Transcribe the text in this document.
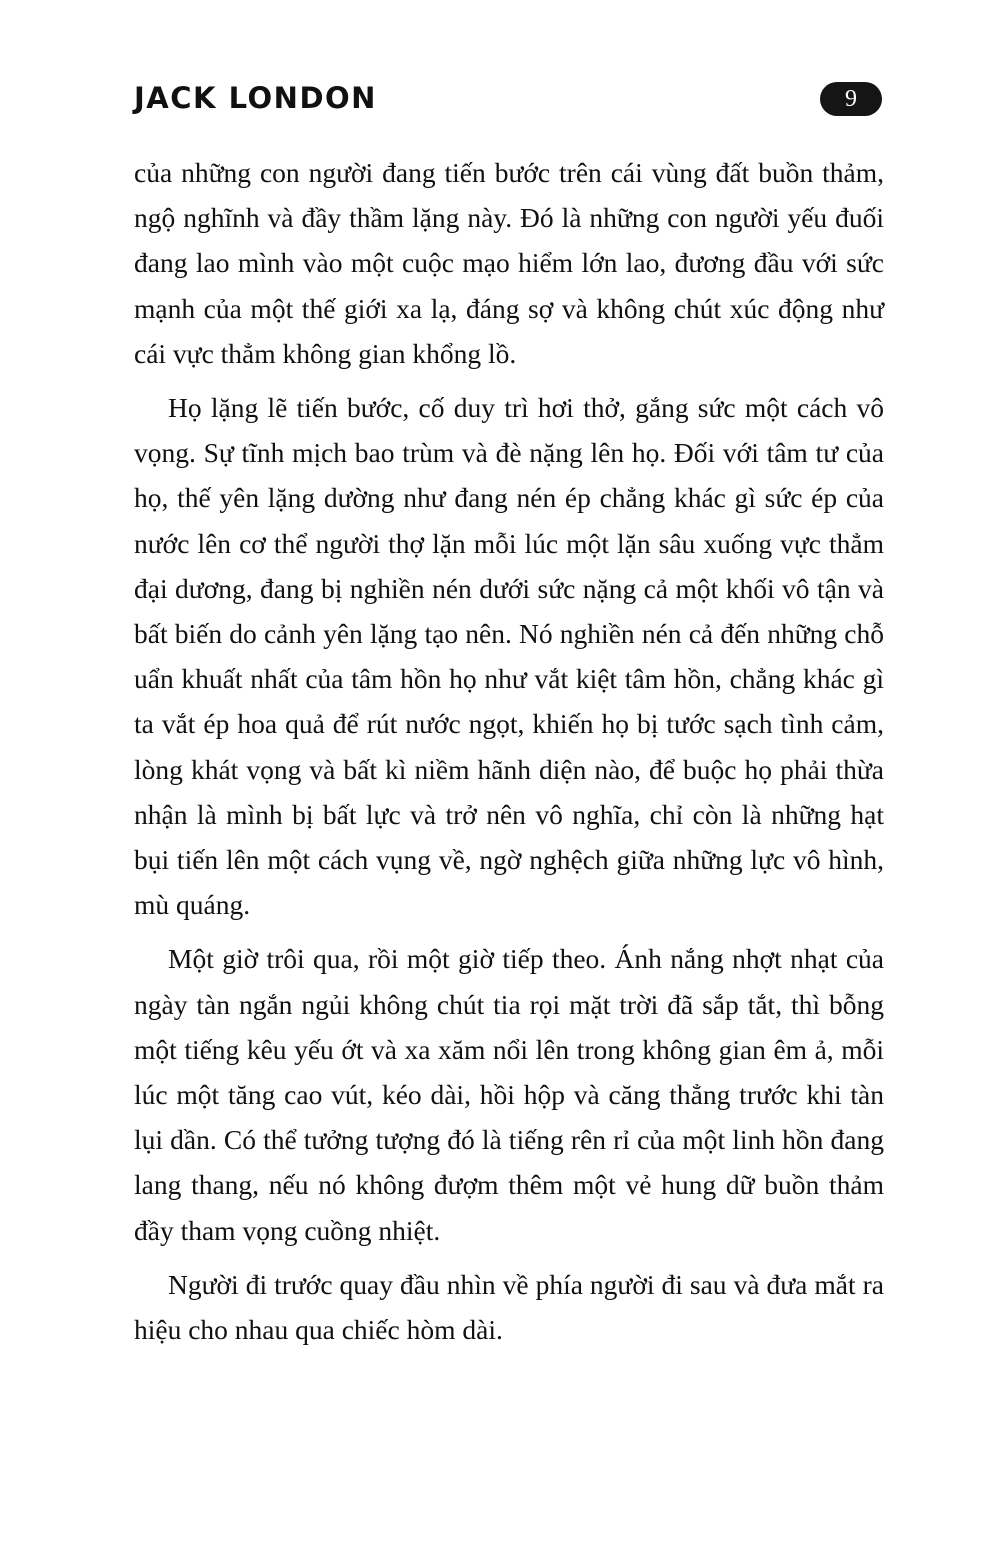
JACK LONDON	9

của những con người đang tiến bước trên cái vùng đất buồn thảm, ngộ nghĩnh và đầy thầm lặng này. Đó là những con người yếu đuối đang lao mình vào một cuộc mạo hiểm lớn lao, đương đầu với sức mạnh của một thế giới xa lạ, đáng sợ và không chút xúc động như cái vực thẳm không gian khổng lồ.

Họ lặng lẽ tiến bước, cố duy trì hơi thở, gắng sức một cách vô vọng. Sự tĩnh mịch bao trùm và đè nặng lên họ. Đối với tâm tư của họ, thế yên lặng dường như đang nén ép chẳng khác gì sức ép của nước lên cơ thể người thợ lặn mỗi lúc một lặn sâu xuống vực thẳm đại dương, đang bị nghiền nén dưới sức nặng cả một khối vô tận và bất biến do cảnh yên lặng tạo nên. Nó nghiền nén cả đến những chỗ uẩn khuất nhất của tâm hồn họ như vắt kiệt tâm hồn, chẳng khác gì ta vắt ép hoa quả để rút nước ngọt, khiến họ bị tước sạch tình cảm, lòng khát vọng và bất kì niềm hãnh diện nào, để buộc họ phải thừa nhận là mình bị bất lực và trở nên vô nghĩa, chỉ còn là những hạt bụi tiến lên một cách vụng về, ngờ nghệch giữa những lực vô hình, mù quáng.

Một giờ trôi qua, rồi một giờ tiếp theo. Ánh nắng nhợt nhạt của ngày tàn ngắn ngủi không chút tia rọi mặt trời đã sắp tắt, thì bỗng một tiếng kêu yếu ớt và xa xăm nổi lên trong không gian êm ả, mỗi lúc một tăng cao vút, kéo dài, hồi hộp và căng thẳng trước khi tàn lụi dần. Có thể tưởng tượng đó là tiếng rên rỉ của một linh hồn đang lang thang, nếu nó không đượm thêm một vẻ hung dữ buồn thảm đầy tham vọng cuồng nhiệt.

Người đi trước quay đầu nhìn về phía người đi sau và đưa mắt ra hiệu cho nhau qua chiếc hòm dài.
